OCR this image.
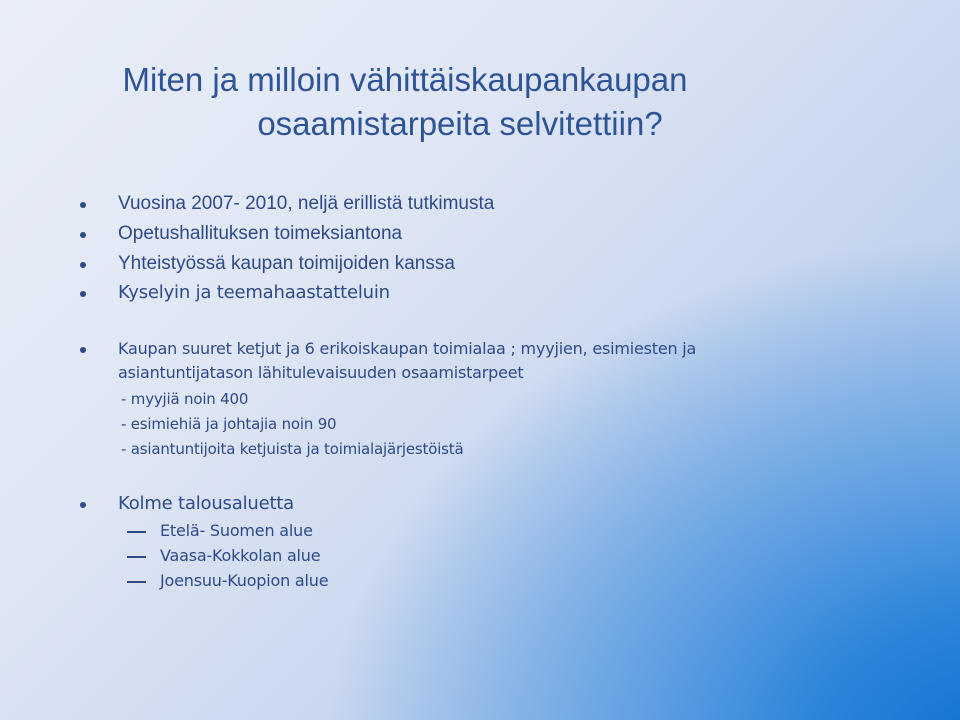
Miten ja milloin vähittäiskaupankaupan
osaamistarpeita selvitettiin?
Vuosina 2007- 2010, neljä erillistä tutkimusta
Opetushallituksen toimeksiantona
Yhteistyössä kaupan toimijoiden kanssa
Kyselyin ja teemahaastatteluin
Kaupan suuret ketjut ja 6 erikoiskaupan toimialaa ; myyjien, esimiesten ja
asiantuntijatason lähitulevaisuuden osaamistarpeet
- myyjiä noin 400
- esimiehiä ja johtajia noin 90
- asiantuntijoita ketjuista ja toimialajärjestöistä
Kolme talousaluetta
Etelä- Suomen alue
Vaasa-Kokkolan alue
Joensuu-Kuopion alue
